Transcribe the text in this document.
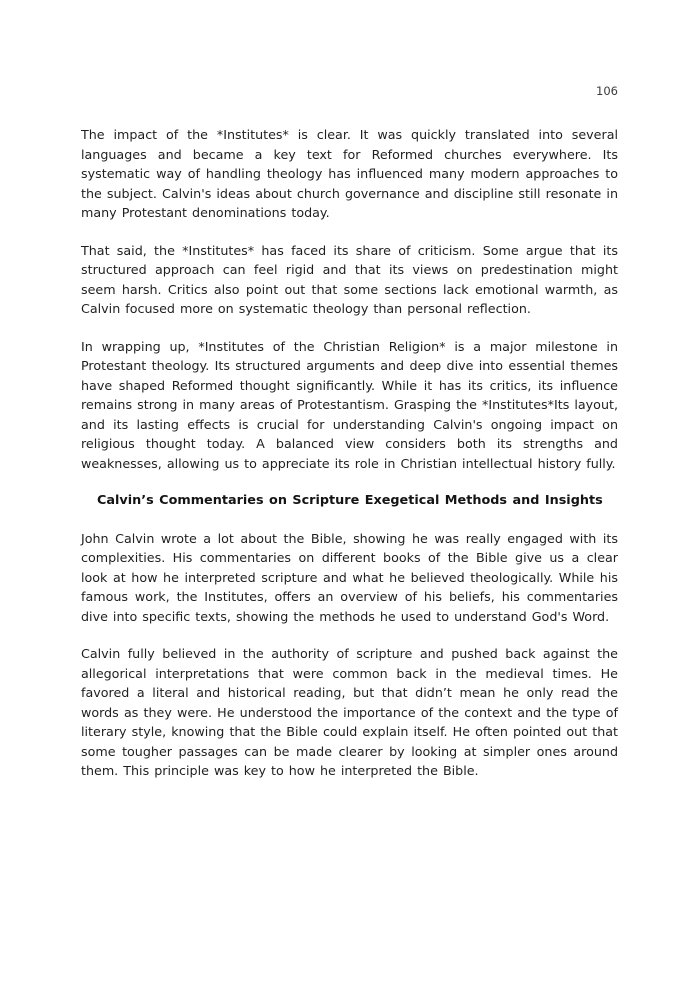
106

The impact of the *Institutes* is clear. It was quickly translated into several languages and became a key text for Reformed churches everywhere. Its systematic way of handling theology has influenced many modern approaches to the subject. Calvin's ideas about church governance and discipline still resonate in many Protestant denominations today.

That said, the *Institutes* has faced its share of criticism. Some argue that its structured approach can feel rigid and that its views on predestination might seem harsh. Critics also point out that some sections lack emotional warmth, as Calvin focused more on systematic theology than personal reflection.

In wrapping up, *Institutes of the Christian Religion* is a major milestone in Protestant theology. Its structured arguments and deep dive into essential themes have shaped Reformed thought significantly. While it has its critics, its influence remains strong in many areas of Protestantism. Grasping the *Institutes*Its layout, and its lasting effects is crucial for understanding Calvin's ongoing impact on religious thought today. A balanced view considers both its strengths and weaknesses, allowing us to appreciate its role in Christian intellectual history fully.

Calvin’s Commentaries on Scripture Exegetical Methods and Insights

John Calvin wrote a lot about the Bible, showing he was really engaged with its complexities. His commentaries on different books of the Bible give us a clear look at how he interpreted scripture and what he believed theologically. While his famous work, the Institutes, offers an overview of his beliefs, his commentaries dive into specific texts, showing the methods he used to understand God's Word.

Calvin fully believed in the authority of scripture and pushed back against the allegorical interpretations that were common back in the medieval times. He favored a literal and historical reading, but that didn’t mean he only read the words as they were. He understood the importance of the context and the type of literary style, knowing that the Bible could explain itself. He often pointed out that some tougher passages can be made clearer by looking at simpler ones around them. This principle was key to how he interpreted the Bible.
